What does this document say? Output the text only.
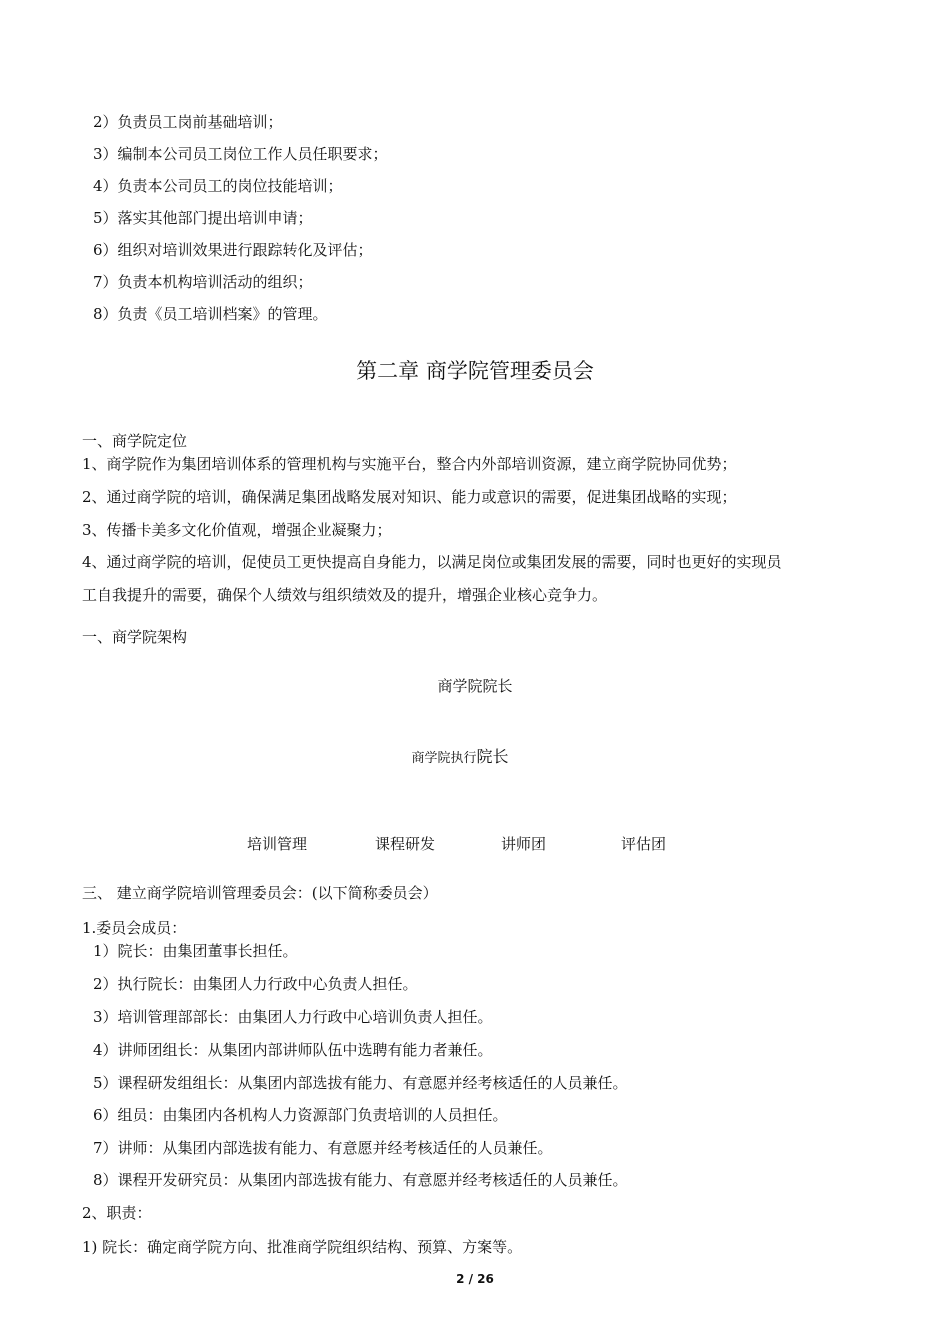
2）负责员工岗前基础培训；
3）编制本公司员工岗位工作人员任职要求；
4）负责本公司员工的岗位技能培训；
5）落实其他部门提出培训申请；
6）组织对培训效果进行跟踪转化及评估；
7）负责本机构培训活动的组织；
8）负责《员工培训档案》的管理。
第二章 商学院管理委员会
一、商学院定位
1、商学院作为集团培训体系的管理机构与实施平台，整合内外部培训资源，建立商学院协同优势；
2、通过商学院的培训，确保满足集团战略发展对知识、能力或意识的需要，促进集团战略的实现；
3、传播卡美多文化价值观，增强企业凝聚力；
4、通过商学院的培训，促使员工更快提高自身能力，以满足岗位或集团发展的需要，同时也更好的实现员
工自我提升的需要，确保个人绩效与组织绩效及的提升，增强企业核心竞争力。
一、商学院架构
商学院院长
商学院执行院长
培训管理	课程研发	讲师团	评估团
三、 建立商学院培训管理委员会：(以下简称委员会）
1.委员会成员：
1）院长：由集团董事长担任。
2）执行院长：由集团人力行政中心负责人担任。
3）培训管理部部长：由集团人力行政中心培训负责人担任。
4）讲师团组长：从集团内部讲师队伍中选聘有能力者兼任。
5）课程研发组组长：从集团内部选拔有能力、有意愿并经考核适任的人员兼任。
6）组员：由集团内各机构人力资源部门负责培训的人员担任。
7）讲师：从集团内部选拔有能力、有意愿并经考核适任的人员兼任。
8）课程开发研究员：从集团内部选拔有能力、有意愿并经考核适任的人员兼任。
2、职责：
1) 院长：确定商学院方向、批准商学院组织结构、预算、方案等。
2 / 26
